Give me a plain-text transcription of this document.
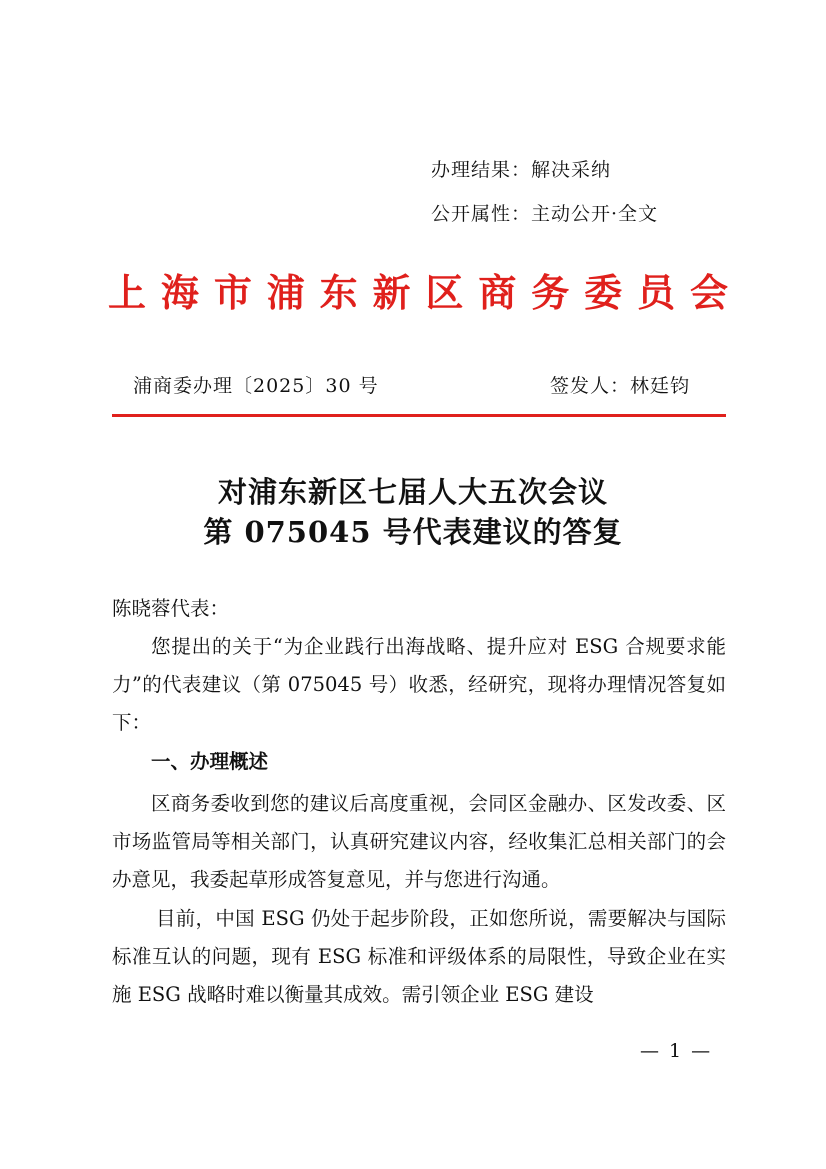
办理结果：解决采纳
公开属性：主动公开·全文
上 海 市 浦 东 新 区 商 务 委 员 会
浦商委办理〔2025〕30 号	签发人：林廷钧
对浦东新区七届人大五次会议
第 075045 号代表建议的答复
陈晓蓉代表：
您提出的关于“为企业践行出海战略、提升应对 ESG 合规要求能力”的代表建议（第 075045 号）收悉，经研究，现将办理情况答复如下：
一、办理概述
区商务委收到您的建议后高度重视，会同区金融办、区发改委、区市场监管局等相关部门，认真研究建议内容，经收集汇总相关部门的会办意见，我委起草形成答复意见，并与您进行沟通。
目前，中国 ESG 仍处于起步阶段，正如您所说，需要解决与国际标准互认的问题，现有 ESG 标准和评级体系的局限性，导致企业在实施 ESG 战略时难以衡量其成效。需引领企业 ESG 建设
— 1 —
